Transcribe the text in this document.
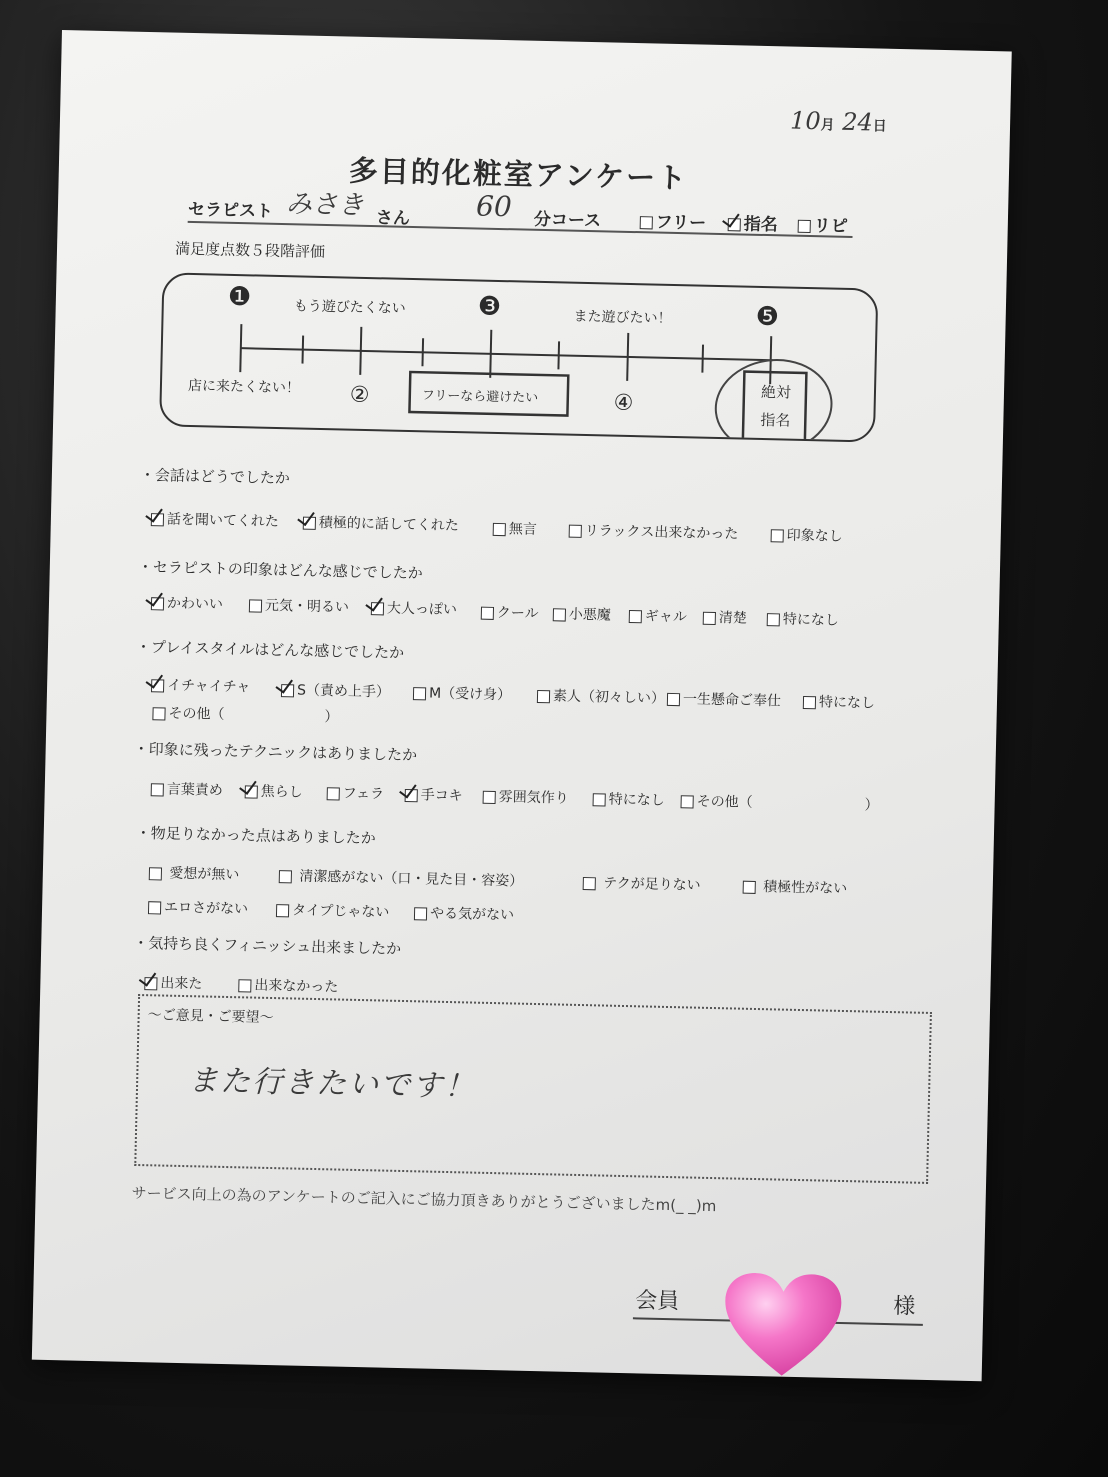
10月 24日
多目的化粧室アンケート
セラピスト みさき さん 60 分コース	フリー	指名	リピ
満足度点数５段階評価
❶	❸	❺
②	④
もう遊びたくない
また遊びたい！
店に来たくない！
フリーなら避けたい	絶対
指名
・会話はどうでしたか
話を聞いてくれた	積極的に話してくれた	無言	リラックス出来なかった	印象なし
・セラピストの印象はどんな感じでしたか
かわいい	元気・明るい	大人っぽい	クール	小悪魔	ギャル	清楚	特になし
・プレイスタイルはどんな感じでしたか
イチャイチャ	S（責め上手）	M（受け身）	素人（初々しい）	一生懸命ご奉仕	特になし
その他（	）
・印象に残ったテクニックはありましたか
言葉責め	焦らし	フェラ	手コキ	雰囲気作り	特になし	その他（	）
・物足りなかった点はありましたか
愛想が無い	清潔感がない（口・見た目・容姿）	テクが足りない	積極性がない
エロさがない	タイプじゃない	やる気がない
・気持ち良くフィニッシュ出来ましたか
出来た	出来なかった
〜ご意見・ご要望〜
また行きたいです！
サービス向上の為のアンケートのご記入にご協力頂きありがとうございましたm(_ _)m
会員	様
